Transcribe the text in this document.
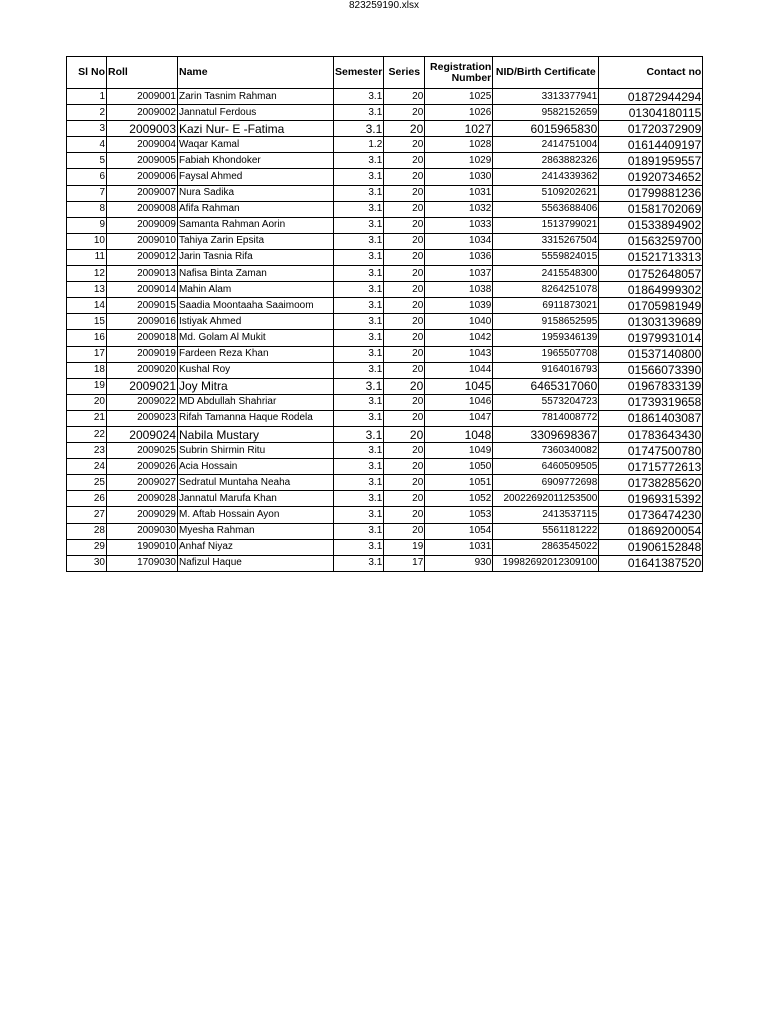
823259190.xlsx
Sl No	Roll	Name	Semester	Series	Registration Number	NID/Birth Certificate	Contact no
1	2009001	Zarin Tasnim Rahman	3.1	20	1025	3313377941	01872944294
2	2009002	Jannatul Ferdous	3.1	20	1026	9582152659	01304180115
3	2009003	Kazi Nur- E -Fatima	3.1	20	1027	6015965830	01720372909
4	2009004	Waqar Kamal	1.2	20	1028	2414751004	01614409197
5	2009005	Fabiah Khondoker	3.1	20	1029	2863882326	01891959557
6	2009006	Faysal Ahmed	3.1	20	1030	2414339362	01920734652
7	2009007	Nura Sadika	3.1	20	1031	5109202621	01799881236
8	2009008	Afifa Rahman	3.1	20	1032	5563688406	01581702069
9	2009009	Samanta Rahman Aorin	3.1	20	1033	1513799021	01533894902
10	2009010	Tahiya Zarin Epsita	3.1	20	1034	3315267504	01563259700
11	2009012	Jarin Tasnia Rifa	3.1	20	1036	5559824015	01521713313
12	2009013	Nafisa Binta Zaman	3.1	20	1037	2415548300	01752648057
13	2009014	Mahin Alam	3.1	20	1038	8264251078	01864999302
14	2009015	Saadia Moontaaha Saaimoom	3.1	20	1039	6911873021	01705981949
15	2009016	Istiyak Ahmed	3.1	20	1040	9158652595	01303139689
16	2009018	Md. Golam Al Mukit	3.1	20	1042	1959346139	01979931014
17	2009019	Fardeen Reza Khan	3.1	20	1043	1965507708	01537140800
18	2009020	Kushal Roy	3.1	20	1044	9164016793	01566073390
19	2009021	Joy Mitra	3.1	20	1045	6465317060	01967833139
20	2009022	MD Abdullah Shahriar	3.1	20	1046	5573204723	01739319658
21	2009023	Rifah Tamanna Haque Rodela	3.1	20	1047	7814008772	01861403087
22	2009024	Nabila Mustary	3.1	20	1048	3309698367	01783643430
23	2009025	Subrin Shirmin Ritu	3.1	20	1049	7360340082	01747500780
24	2009026	Acia Hossain	3.1	20	1050	6460509505	01715772613
25	2009027	Sedratul Muntaha Neaha	3.1	20	1051	6909772698	01738285620
26	2009028	Jannatul Marufa Khan	3.1	20	1052	20022692011253500	01969315392
27	2009029	M. Aftab Hossain Ayon	3.1	20	1053	2413537115	01736474230
28	2009030	Myesha Rahman	3.1	20	1054	5561181222	01869200054
29	1909010	Anhaf Niyaz	3.1	19	1031	2863545022	01906152848
30	1709030	Nafizul Haque	3.1	17	930	19982692012309100	01641387520
